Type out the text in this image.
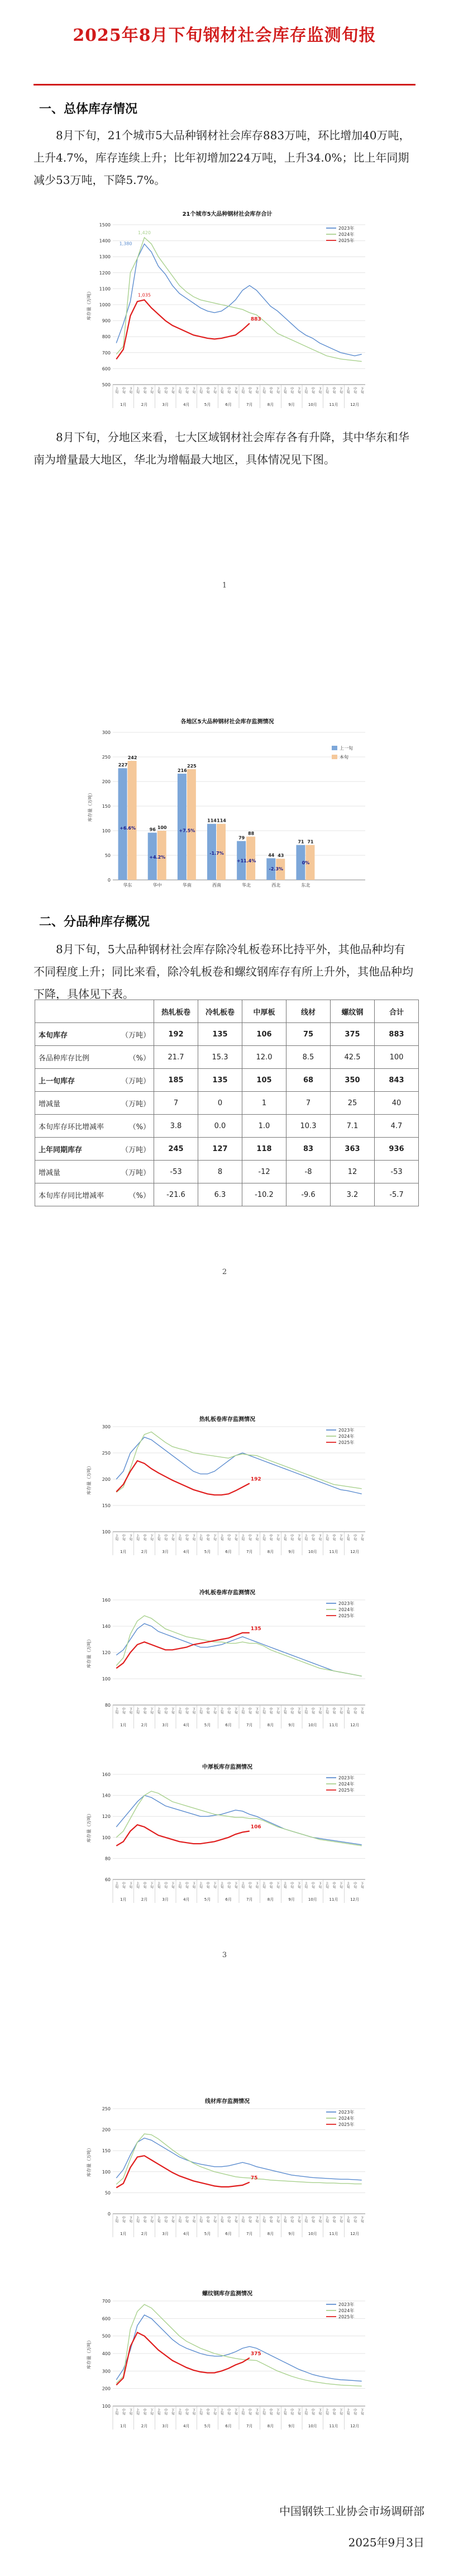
2025年8月下旬钢材社会库存监测旬报
一、总体库存情况
8月下旬，21个城市5大品种钢材社会库存883万吨，环比增加40万吨，上升4.7%，库存连续上升；比年初增加224万吨，上升34.0%；比上年同期减少53万吨，下降5.7%。
21个城市5大品种钢材社会库存合计
500
600
700
800
900
1000
1100
1200
1300
1400
1500
库存量（万吨）
上旬 中旬 下旬 上旬 中旬 下旬 上旬 中旬 下旬 上旬 中旬 下旬 上旬 中旬 下旬 上旬 中旬 下旬 上旬 中旬 下旬 上旬 中旬 下旬 上旬 中旬 下旬 上旬 中旬 下旬 上旬 中旬 下旬 上旬 中旬 下旬
1月	2月	3月	4月	5月	6月	7月	8月	9月	10月	11月	12月
883
2023年
2024年
2025年
1,420
1,380
1,035
8月下旬，分地区来看，七大区域钢材社会库存各有升降，其中华东和华南为增量最大地区，华北为增幅最大地区，具体情况见下图。
1
各地区5大品种钢材社会库存监测情况
0
50
100
150
200
250
300
库存量（万吨）
227
242
华东
+6.6%	96 100
华中
+4.2%
216
225
华南
+7.5%
114 114
西南
-1.7%
79
88
华北
+11.4%
44 43
西北
-2.3%
71 71
东北
0%
上一旬
本旬
二、分品种库存概况
8月下旬，5大品种钢材社会库存除冷轧板卷环比持平外，其他品种均有不同程度上升；同比来看，除冷轧板卷和螺纹钢库存有所上升外，其他品种均下降，具体见下表。
	热轧板卷	冷轧板卷	中厚板	线材	螺纹钢	合计
本旬库存 （万吨）	192	135	106	75	375	883
各品种库存比例 （%）	21.7	15.3	12.0	8.5	42.5	100
上一旬库存 （万吨）	185	135	105	68	350	843
增减量 （万吨）	7	0	1	7	25	40
本旬库存环比增减率 （%）	3.8	0.0	1.0	10.3	7.1	4.7
上年同期库存 （万吨）	245	127	118	83	363	936
增减量 （万吨）	-53	8	-12	-8	12	-53
本旬库存同比增减率 （%）	-21.6	6.3	-10.2	-9.6	3.2	-5.7
2
热轧板卷库存监测情况
100
150
200
250
300
库存量（万吨）
上旬 中旬 下旬 上旬 中旬 下旬 上旬 中旬 下旬 上旬 中旬 下旬 上旬 中旬 下旬 上旬 中旬 下旬 上旬 中旬 下旬 上旬 中旬 下旬 上旬 中旬 下旬 上旬 中旬 下旬 上旬 中旬 下旬 上旬 中旬 下旬
1月	2月	3月	4月	5月	6月	7月	8月	9月	10月	11月	12月
192
2023年
2024年
2025年
冷轧板卷库存监测情况
80
100
120
140
160
库存量（万吨）
上旬 中旬 下旬 上旬 中旬 下旬 上旬 中旬 下旬 上旬 中旬 下旬 上旬 中旬 下旬 上旬 中旬 下旬 上旬 中旬 下旬 上旬 中旬 下旬 上旬 中旬 下旬 上旬 中旬 下旬 上旬 中旬 下旬 上旬 中旬 下旬
1月	2月	3月	4月	5月	6月	7月	8月	9月	10月	11月	12月
135
2023年
2024年
2025年
中厚板库存监测情况
60
80
100
120
140
160
库存量（万吨）
上旬 中旬 下旬 上旬 中旬 下旬 上旬 中旬 下旬 上旬 中旬 下旬 上旬 中旬 下旬 上旬 中旬 下旬 上旬 中旬 下旬 上旬 中旬 下旬 上旬 中旬 下旬 上旬 中旬 下旬 上旬 中旬 下旬 上旬 中旬 下旬
1月	2月	3月	4月	5月	6月	7月	8月	9月	10月	11月	12月
106
2023年
2024年
2025年
3
线材库存监测情况
0
50
100
150
200
250
库存量（万吨）
上旬 中旬 下旬 上旬 中旬 下旬 上旬 中旬 下旬 上旬 中旬 下旬 上旬 中旬 下旬 上旬 中旬 下旬 上旬 中旬 下旬 上旬 中旬 下旬 上旬 中旬 下旬 上旬 中旬 下旬 上旬 中旬 下旬 上旬 中旬 下旬
1月	2月	3月	4月	5月	6月	7月	8月	9月	10月	11月	12月
75
2023年
2024年
2025年
螺纹钢库存监测情况
100
200
300
400
500
600
700
库存量（万吨）
上旬 中旬 下旬 上旬 中旬 下旬 上旬 中旬 下旬 上旬 中旬 下旬 上旬 中旬 下旬 上旬 中旬 下旬 上旬 中旬 下旬 上旬 中旬 下旬 上旬 中旬 下旬 上旬 中旬 下旬 上旬 中旬 下旬 上旬 中旬 下旬
1月	2月	3月	4月	5月	6月	7月	8月	9月	10月	11月	12月
375
2023年
2024年
2025年
中国钢铁工业协会市场调研部
2025年9月3日
